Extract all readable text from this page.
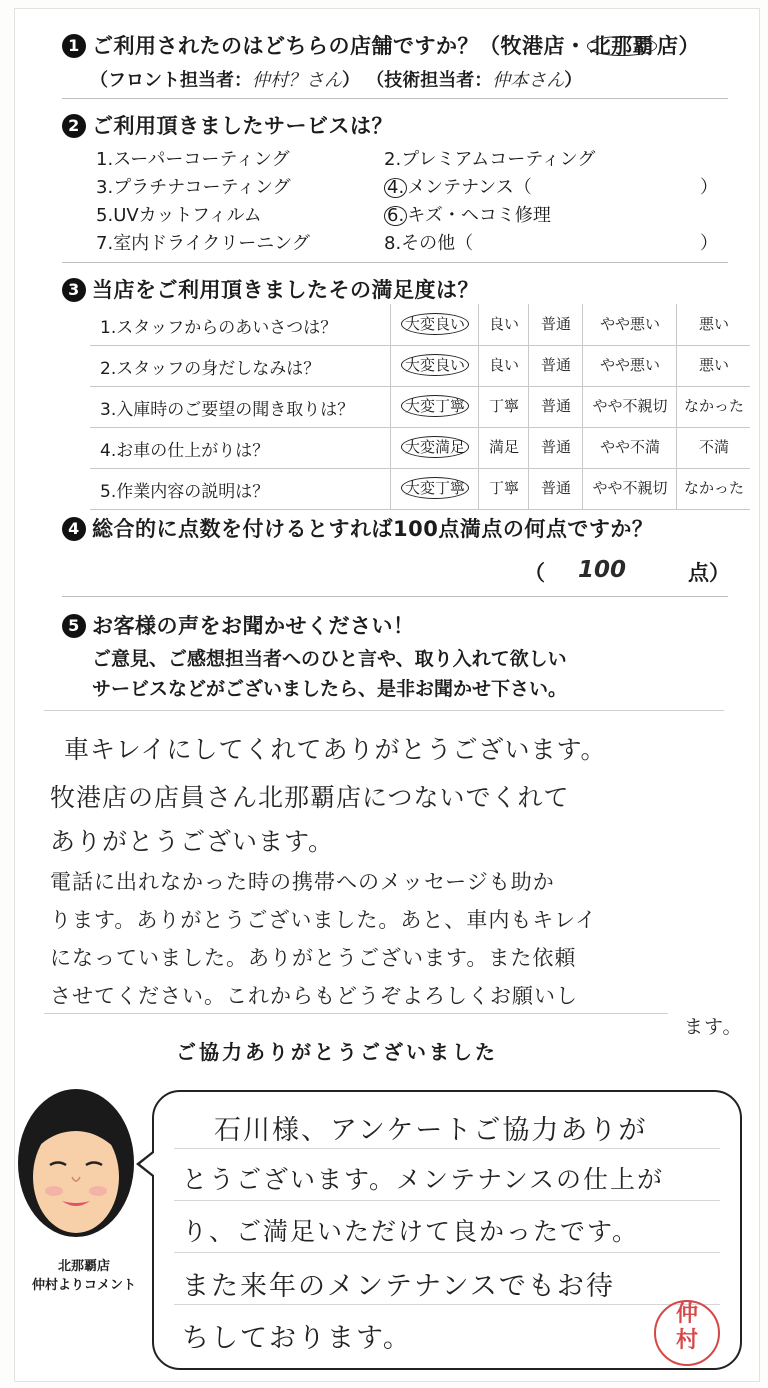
1 ご利用されたのはどちらの店舗ですか？（牧港店・ 北那覇 店）
（フロント担当者：仲村？さん） （技術担当者：仲本さん）
2 ご利用頂きましたサービスは？
1.スーパーコーティング	2.プレミアムコーティング
3.プラチナコーティング	4. メンテナンス（	）
5.UVカットフィルム	6. キズ・ヘコミ修理
7.室内ドライクリーニング	8.その他（	）
3 当店をご利用頂きましたその満足度は？
1.スタッフからのあいさつは？	大変良い	良い	普通	やや悪い	悪い
2.スタッフの身だしなみは？	大変良い	良い	普通	やや悪い	悪い
3.入庫時のご要望の聞き取りは？	大変丁寧	丁寧	普通	やや不親切	なかった
4.お車の仕上がりは？	大変満足	満足	普通	やや不満	不満
5.作業内容の説明は？	大変丁寧	丁寧	普通	やや不親切	なかった
4 総合的に点数を付けるとすれば100点満点の何点ですか？
（ 100	点）
5 お客様の声をお聞かせください！
ご意見、ご感想担当者へのひと言や、取り入れて欲しい
サービスなどがございましたら、是非お聞かせ下さい。
車キレイにしてくれてありがとうございます。
牧港店の店員さん北那覇店につないでくれて
ありがとうございます。
電話に出れなかった時の携帯へのメッセージも助か
ります。ありがとうございました。あと、車内もキレイ
になっていました。ありがとうございます。また依頼
させてください。これからもどうぞよろしくお願いし
ます。
ご協力ありがとうございました
北那覇店
仲村よりコメント
石川様、アンケートご協力ありが
とうございます。メンテナンスの仕上が
り、ご満足いただけて良かったです。
また来年のメンテナンスでもお待
ちしております。
仲
村
